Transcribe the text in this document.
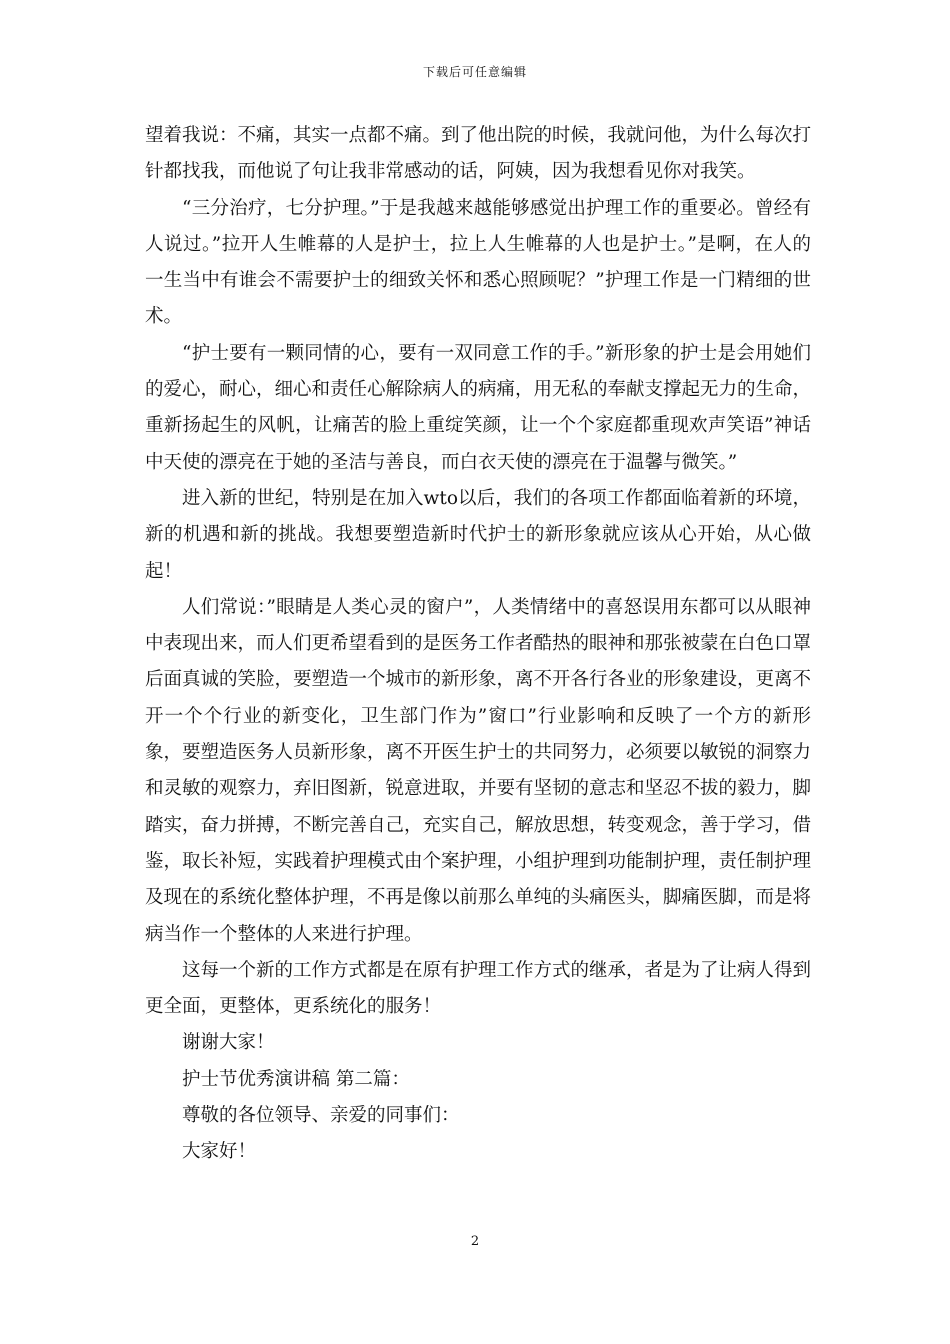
下载后可任意编辑

望着我说：不痛，其实一点都不痛。到了他出院的时候，我就问他，为什么每次打针都找我，而他说了句让我非常感动的话，阿姨，因为我想看见你对我笑。

“三分治疗，七分护理。”于是我越来越能够感觉出护理工作的重要必。曾经有人说过。”拉开人生帷幕的人是护士，拉上人生帷幕的人也是护士。”是啊，在人的一生当中有谁会不需要护士的细致关怀和悉心照顾呢？”护理工作是一门精细的世术。

“护士要有一颗同情的心，要有一双同意工作的手。”新形象的护士是会用她们的爱心，耐心，细心和责任心解除病人的病痛，用无私的奉献支撑起无力的生命，重新扬起生的风帆，让痛苦的脸上重绽笑颜，让一个个家庭都重现欢声笑语”神话中天使的漂亮在于她的圣洁与善良，而白衣天使的漂亮在于温馨与微笑。”

进入新的世纪，特别是在加入wto以后，我们的各项工作都面临着新的环境，新的机遇和新的挑战。我想要塑造新时代护士的新形象就应该从心开始，从心做起！

人们常说：”眼睛是人类心灵的窗户”，人类情绪中的喜怒误用东都可以从眼神中表现出来，而人们更希望看到的是医务工作者酷热的眼神和那张被蒙在白色口罩后面真诚的笑脸，要塑造一个城市的新形象，离不开各行各业的形象建设，更离不开一个个行业的新变化，卫生部门作为”窗口”行业影响和反映了一个方的新形象，要塑造医务人员新形象，离不开医生护士的共同努力，必须要以敏锐的洞察力和灵敏的观察力，弃旧图新，锐意进取，并要有坚韧的意志和坚忍不拔的毅力，脚踏实，奋力拼搏，不断完善自己，充实自己，解放思想，转变观念，善于学习，借鉴，取长补短，实践着护理模式由个案护理，小组护理到功能制护理，责任制护理及现在的系统化整体护理，不再是像以前那么单纯的头痛医头，脚痛医脚，而是将病当作一个整体的人来进行护理。

这每一个新的工作方式都是在原有护理工作方式的继承，者是为了让病人得到更全面，更整体，更系统化的服务！

谢谢大家！

护士节优秀演讲稿 第二篇：

尊敬的各位领导、亲爱的同事们：

大家好！

2
